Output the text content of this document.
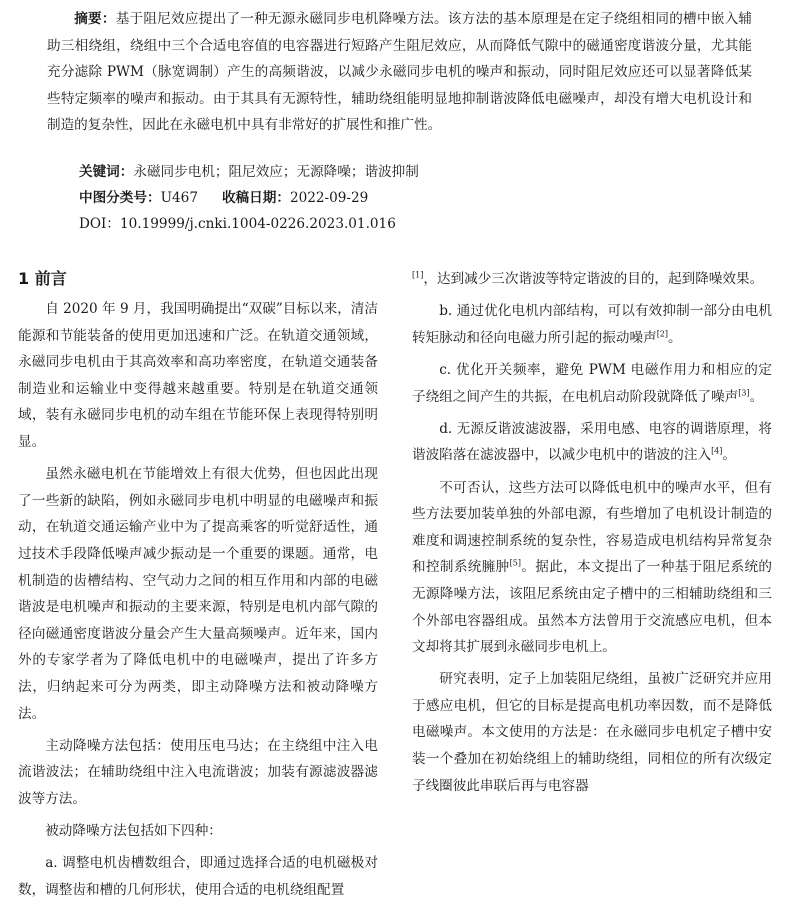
摘要：基于阻尼效应提出了一种无源永磁同步电机降噪方法。该方法的基本原理是在定子绕组相同的槽中嵌入辅助三相绕组，绕组中三个合适电容值的电容器进行短路产生阻尼效应，从而降低气隙中的磁通密度谐波分量，尤其能充分滤除 PWM（脉宽调制）产生的高频谐波，以减少永磁同步电机的噪声和振动，同时阻尼效应还可以显著降低某些特定频率的噪声和振动。由于其具有无源特性，辅助绕组能明显地抑制谐波降低电磁噪声，却没有增大电机设计和制造的复杂性，因此在永磁电机中具有非常好的扩展性和推广性。
关键词：永磁同步电机；阻尼效应；无源降噪；谐波抑制
中图分类号：U467 收稿日期：2022-09-29
DOI：10.19999/j.cnki.1004-0226.2023.01.016
1 前言

自 2020 年 9 月，我国明确提出“双碳”目标以来，清洁能源和节能装备的使用更加迅速和广泛。在轨道交通领域，永磁同步电机由于其高效率和高功率密度，在轨道交通装备制造业和运输业中变得越来越重要。特别是在轨道交通领域，装有永磁同步电机的动车组在节能环保上表现得特别明显。

虽然永磁电机在节能增效上有很大优势，但也因此出现了一些新的缺陷，例如永磁同步电机中明显的电磁噪声和振动，在轨道交通运输产业中为了提高乘客的听觉舒适性，通过技术手段降低噪声减少振动是一个重要的课题。通常，电机制造的齿槽结构、空气动力之间的相互作用和内部的电磁谐波是电机噪声和振动的主要来源，特别是电机内部气隙的径向磁通密度谐波分量会产生大量高频噪声。近年来，国内外的专家学者为了降低电机中的电磁噪声，提出了许多方法，归纳起来可分为两类，即主动降噪方法和被动降噪方法。

主动降噪方法包括：使用压电马达；在主绕组中注入电流谐波法；在辅助绕组中注入电流谐波；加装有源滤波器滤波等方法。

被动降噪方法包括如下四种：

a. 调整电机齿槽数组合，即通过选择合适的电机磁极对数，调整齿和槽的几何形状，使用合适的电机绕组配置

[1]，达到减少三次谐波等特定谐波的目的，起到降噪效果。

b. 通过优化电机内部结构，可以有效抑制一部分由电机转矩脉动和径向电磁力所引起的振动噪声[2]。

c. 优化开关频率，避免 PWM 电磁作用力和相应的定子绕组之间产生的共振，在电机启动阶段就降低了噪声[3]。

d. 无源反谐波滤波器，采用电感、电容的调谐原理，将谐波陷落在滤波器中，以减少电机中的谐波的注入[4]。

不可否认，这些方法可以降低电机中的噪声水平，但有些方法要加装单独的外部电源，有些增加了电机设计制造的难度和调速控制系统的复杂性，容易造成电机结构异常复杂和控制系统臃肿[5]。据此，本文提出了一种基于阻尼系统的无源降噪方法，该阻尼系统由定子槽中的三相辅助绕组和三个外部电容器组成。虽然本方法曾用于交流感应电机，但本文却将其扩展到永磁同步电机上。

研究表明，定子上加装阻尼绕组，虽被广泛研究并应用于感应电机，但它的目标是提高电机功率因数，而不是降低电磁噪声。本文使用的方法是：在永磁同步电机定子槽中安装一个叠加在初始绕组上的辅助绕组，同相位的所有次级定子线圈彼此串联后再与电容器
